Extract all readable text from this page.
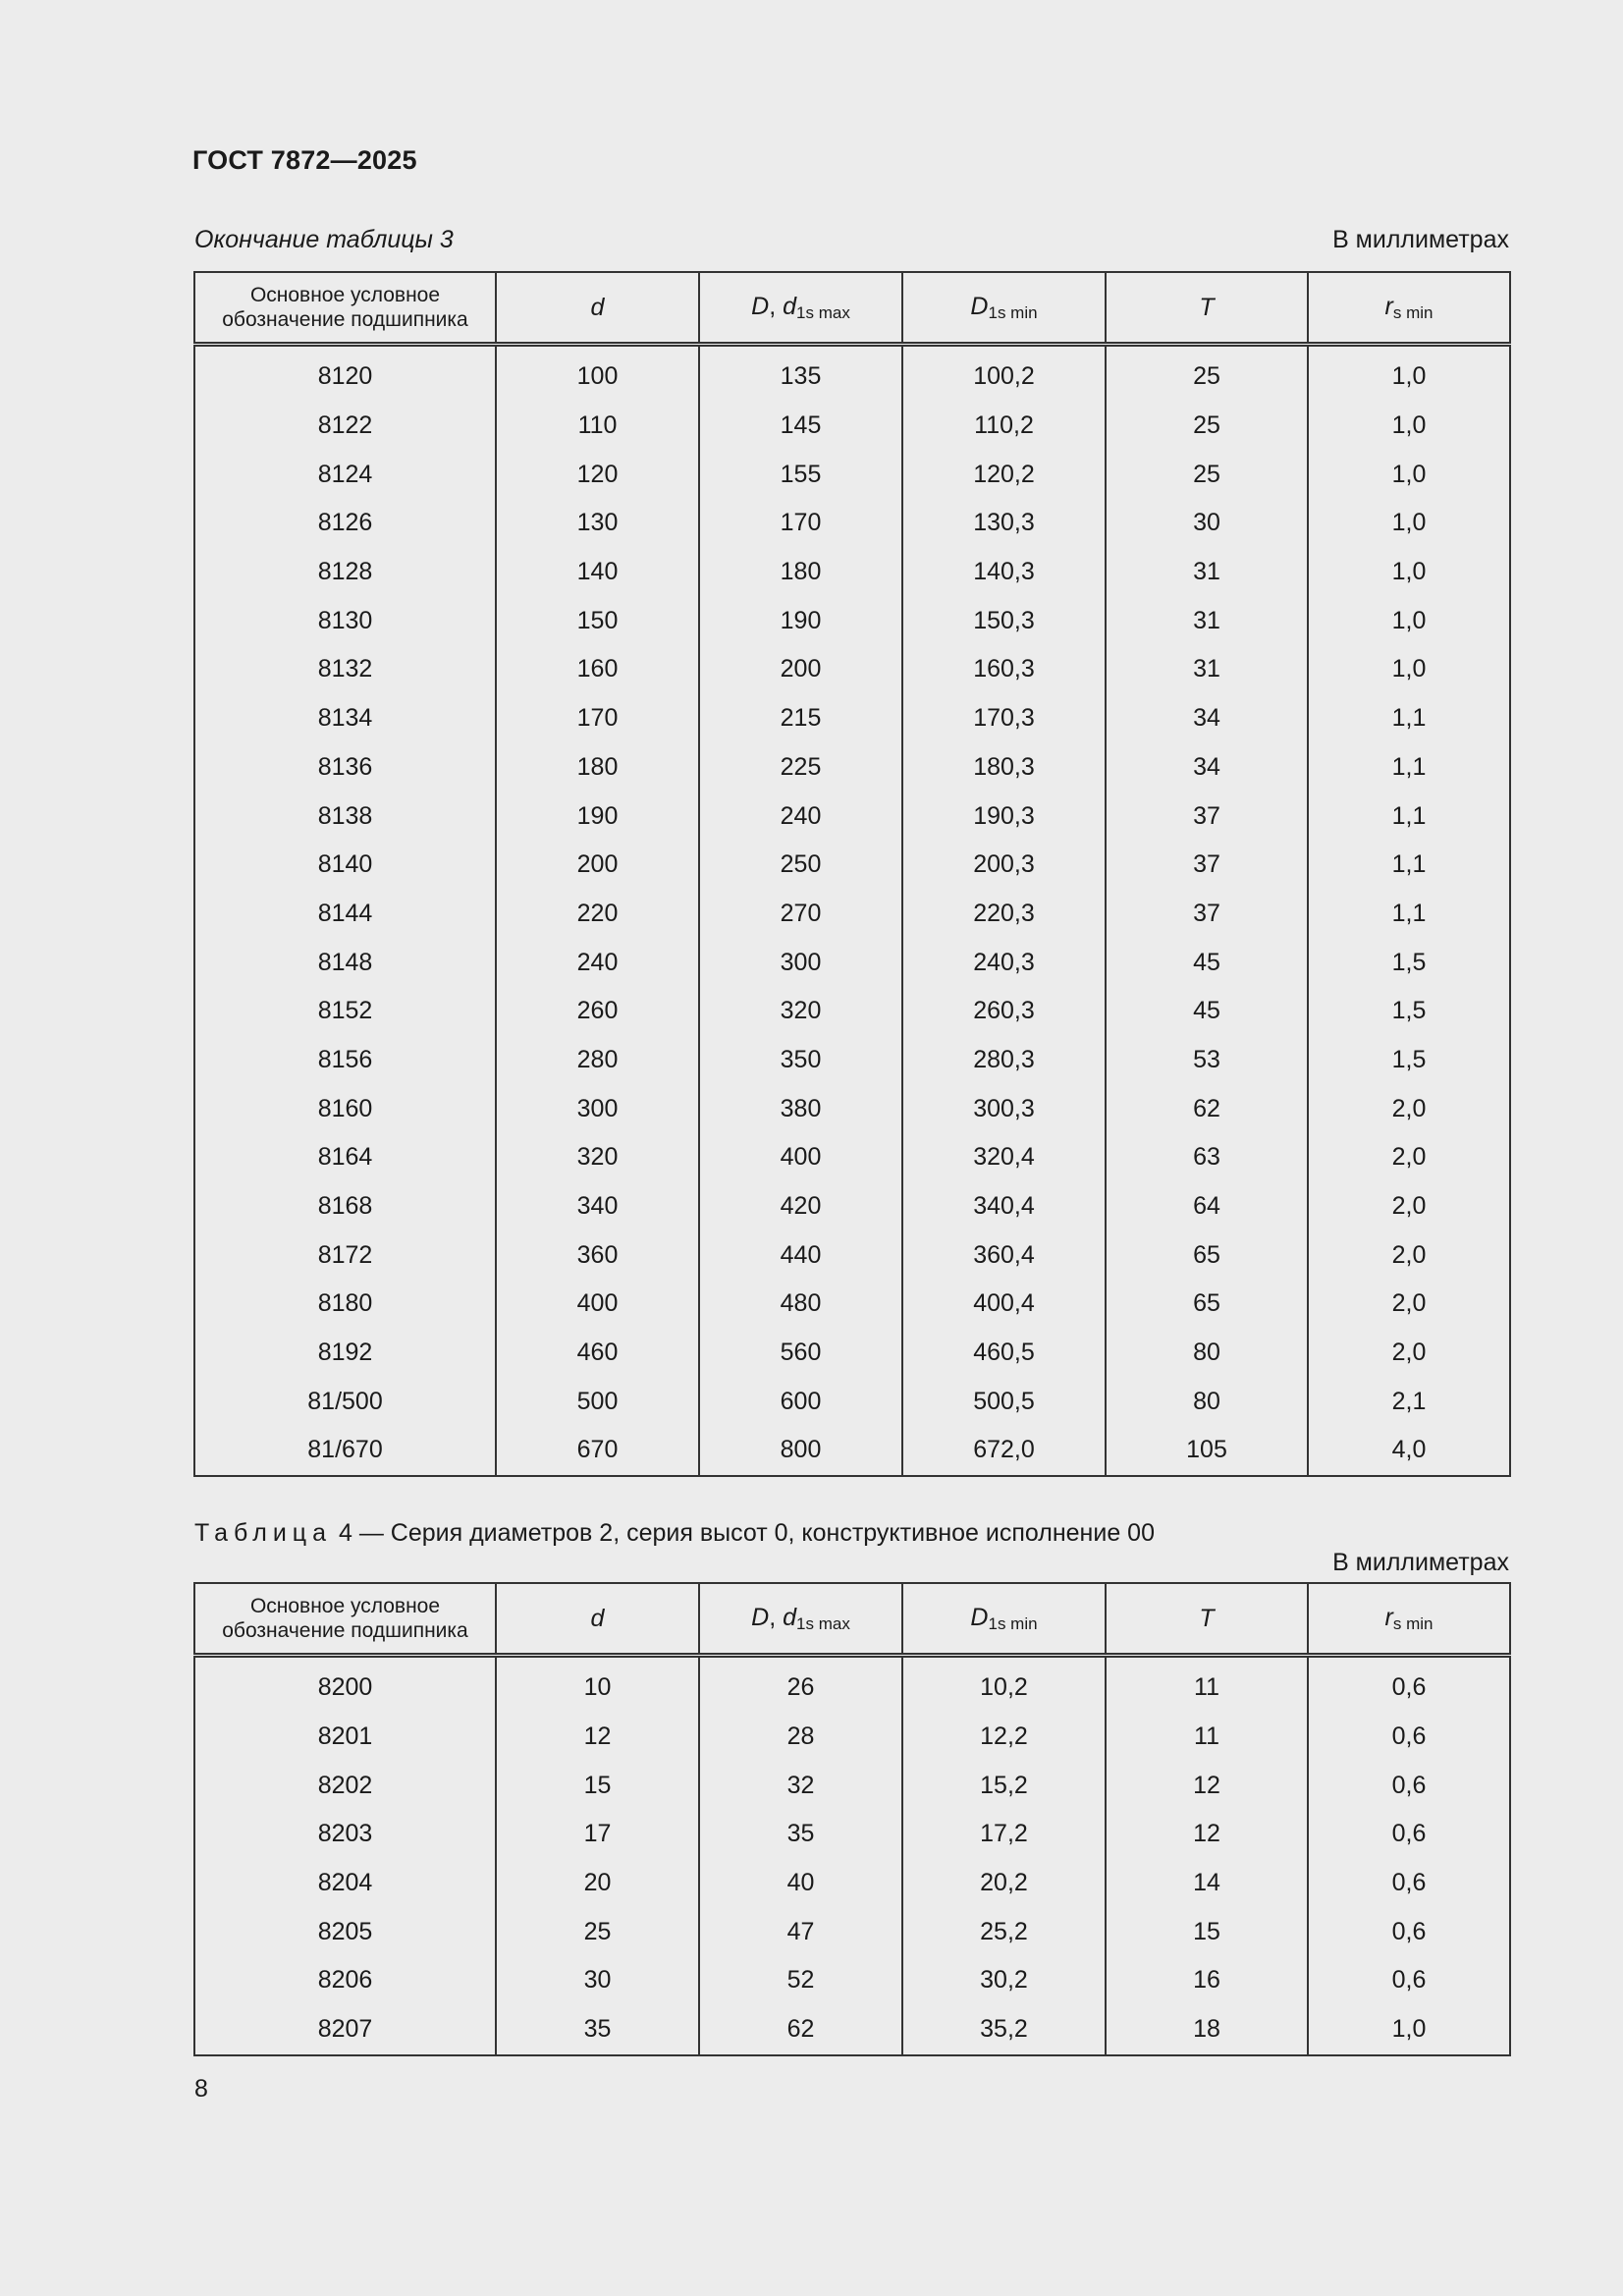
ГОСТ 7872—2025
Окончание таблицы 3	В миллиметрах
Основное условное
обозначение подшипника	d	D, $d_{1s max}$	$D_{1s min}$	T	$r_{s min}$
8120	100	135	100,2	25	1,0
8122	110	145	110,2	25	1,0
8124	120	155	120,2	25	1,0
8126	130	170	130,3	30	1,0
8128	140	180	140,3	31	1,0
8130	150	190	150,3	31	1,0
8132	160	200	160,3	31	1,0
8134	170	215	170,3	34	1,1
8136	180	225	180,3	34	1,1
8138	190	240	190,3	37	1,1
8140	200	250	200,3	37	1,1
8144	220	270	220,3	37	1,1
8148	240	300	240,3	45	1,5
8152	260	320	260,3	45	1,5
8156	280	350	280,3	53	1,5
8160	300	380	300,3	62	2,0
8164	320	400	320,4	63	2,0
8168	340	420	340,4	64	2,0
8172	360	440	360,4	65	2,0
8180	400	480	400,4	65	2,0
8192	460	560	460,5	80	2,0
81/500	500	600	500,5	80	2,1
81/670	670	800	672,0	105	4,0
Таблица 4 — Серия диаметров 2, серия высот 0, конструктивное исполнение 00
В миллиметрах
Основное условное
обозначение подшипника	d	D, $d_{1s max}$	$D_{1s min}$	T	$r_{s min}$
8200	10	26	10,2	11	0,6
8201	12	28	12,2	11	0,6
8202	15	32	15,2	12	0,6
8203	17	35	17,2	12	0,6
8204	20	40	20,2	14	0,6
8205	25	47	25,2	15	0,6
8206	30	52	30,2	16	0,6
8207	35	62	35,2	18	1,0
8
